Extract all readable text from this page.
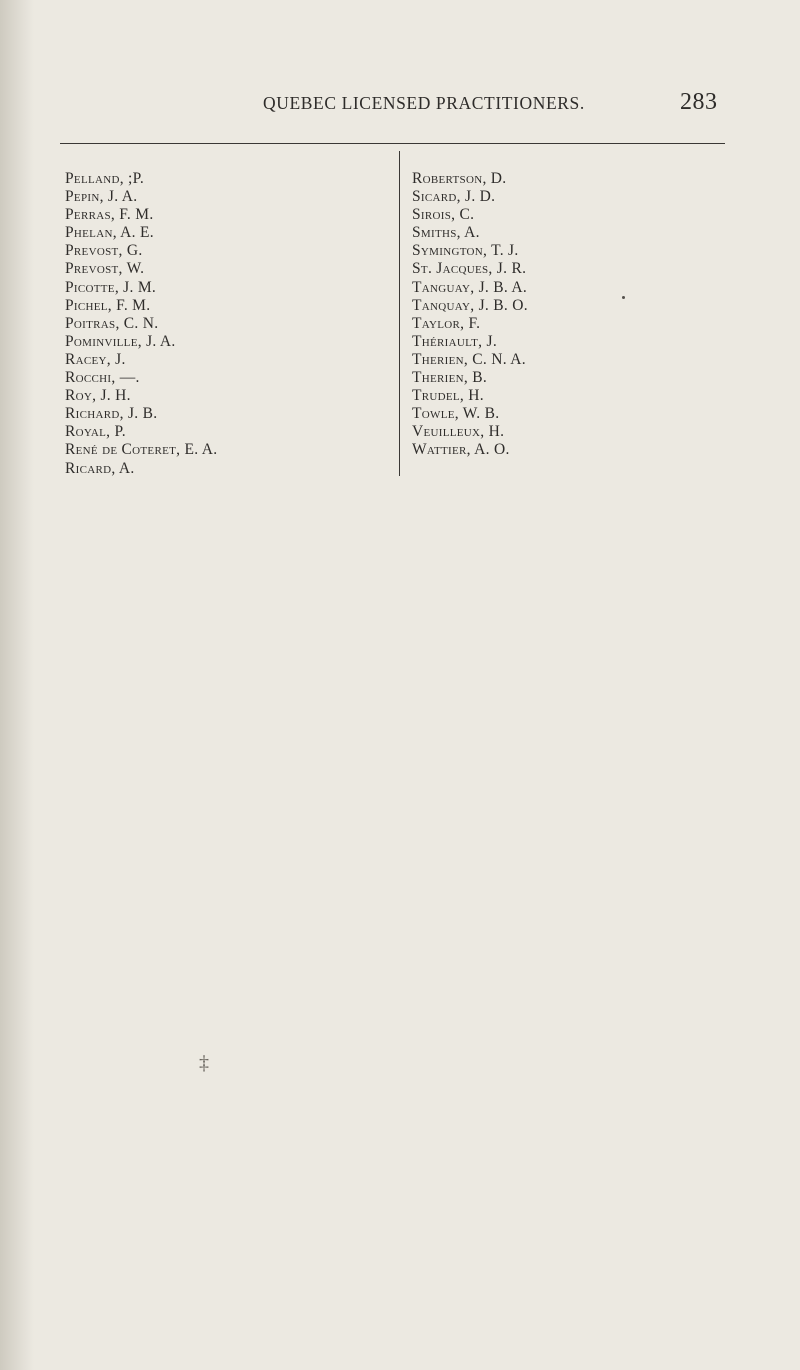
QUEBEC LICENSED PRACTITIONERS.	283
Pelland, ;P.
Pepin, J. A.
Perras, F. M.
Phelan, A. E.
Prevost, G.
Prevost, W.
Picotte, J. M.
Pichel, F. M.
Poitras, C. N.
Pominville, J. A.
Racey, J.
Rocchi, —.
Roy, J. H.
Richard, J. B.
Royal, P.
René de Coteret, E. A.
Ricard, A.
Robertson, D.
Sicard, J. D.
Sirois, C.
Smiths, A.
Symington, T. J.
St. Jacques, J. R.
Tanguay, J. B. A.
Tanquay, J. B. O.
Taylor, F.
Thériault, J.
Therien, C. N. A.
Therien, B.
Trudel, H.
Towle, W. B.
Veuilleux, H.
Wattier, A. O.
‡
